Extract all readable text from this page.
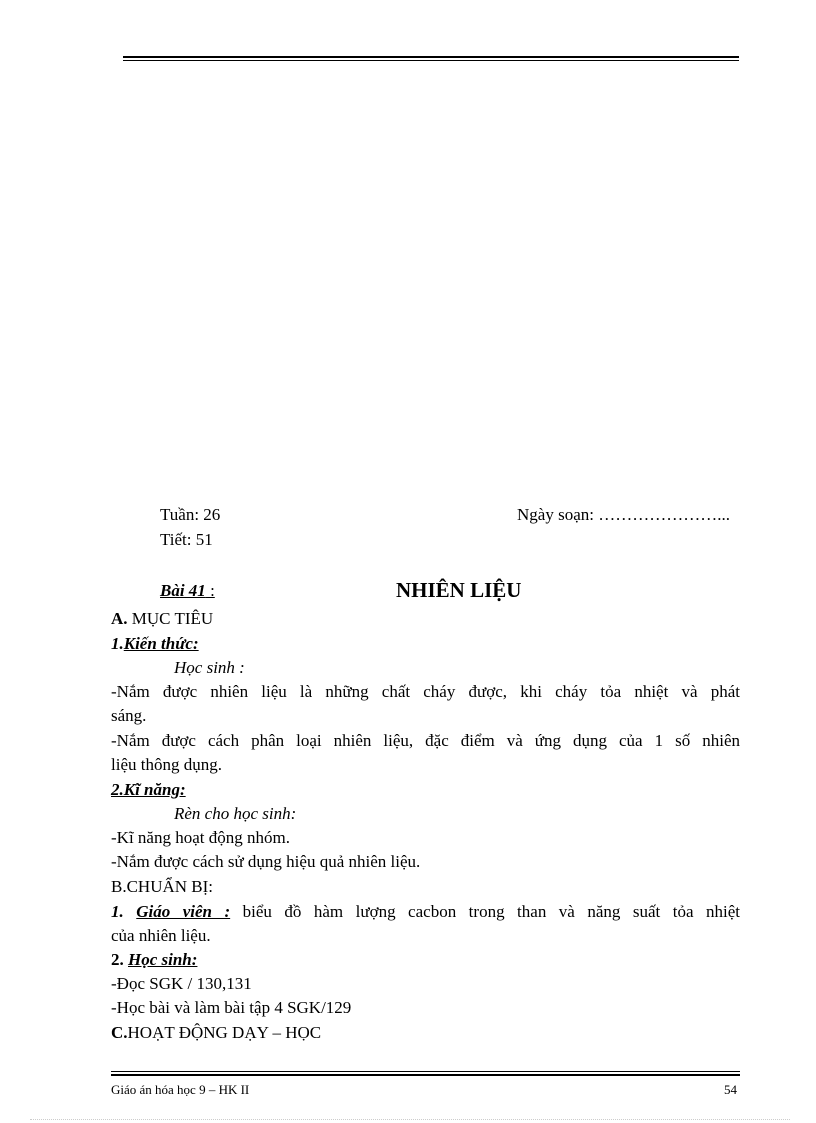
Tuần: 26	Ngày soạn: …………………...
Tiết: 51
Bài 41 :	NHIÊN LIỆU
A. MỤC TIÊU
1.Kiến thức:
Học sinh :
-Nắm được nhiên liệu là những chất cháy được, khi cháy tỏa nhiệt và phát
sáng.
-Nắm được cách phân loại nhiên liệu, đặc điểm và ứng dụng của 1 số nhiên
liệu thông dụng.
2.Kĩ năng:
Rèn cho học sinh:
-Kĩ năng hoạt động nhóm.
-Nắm được cách sử dụng hiệu quả nhiên liệu.
B.CHUẨN BỊ:
1. Giáo viên : biểu đồ hàm lượng cacbon trong than và năng suất tỏa nhiệt
của nhiên liệu.
2. Học sinh:
-Đọc SGK / 130,131
-Học bài và làm bài tập 4 SGK/129
C.HOẠT ĐỘNG DẠY – HỌC
Giáo án hóa học 9 – HK II	54
